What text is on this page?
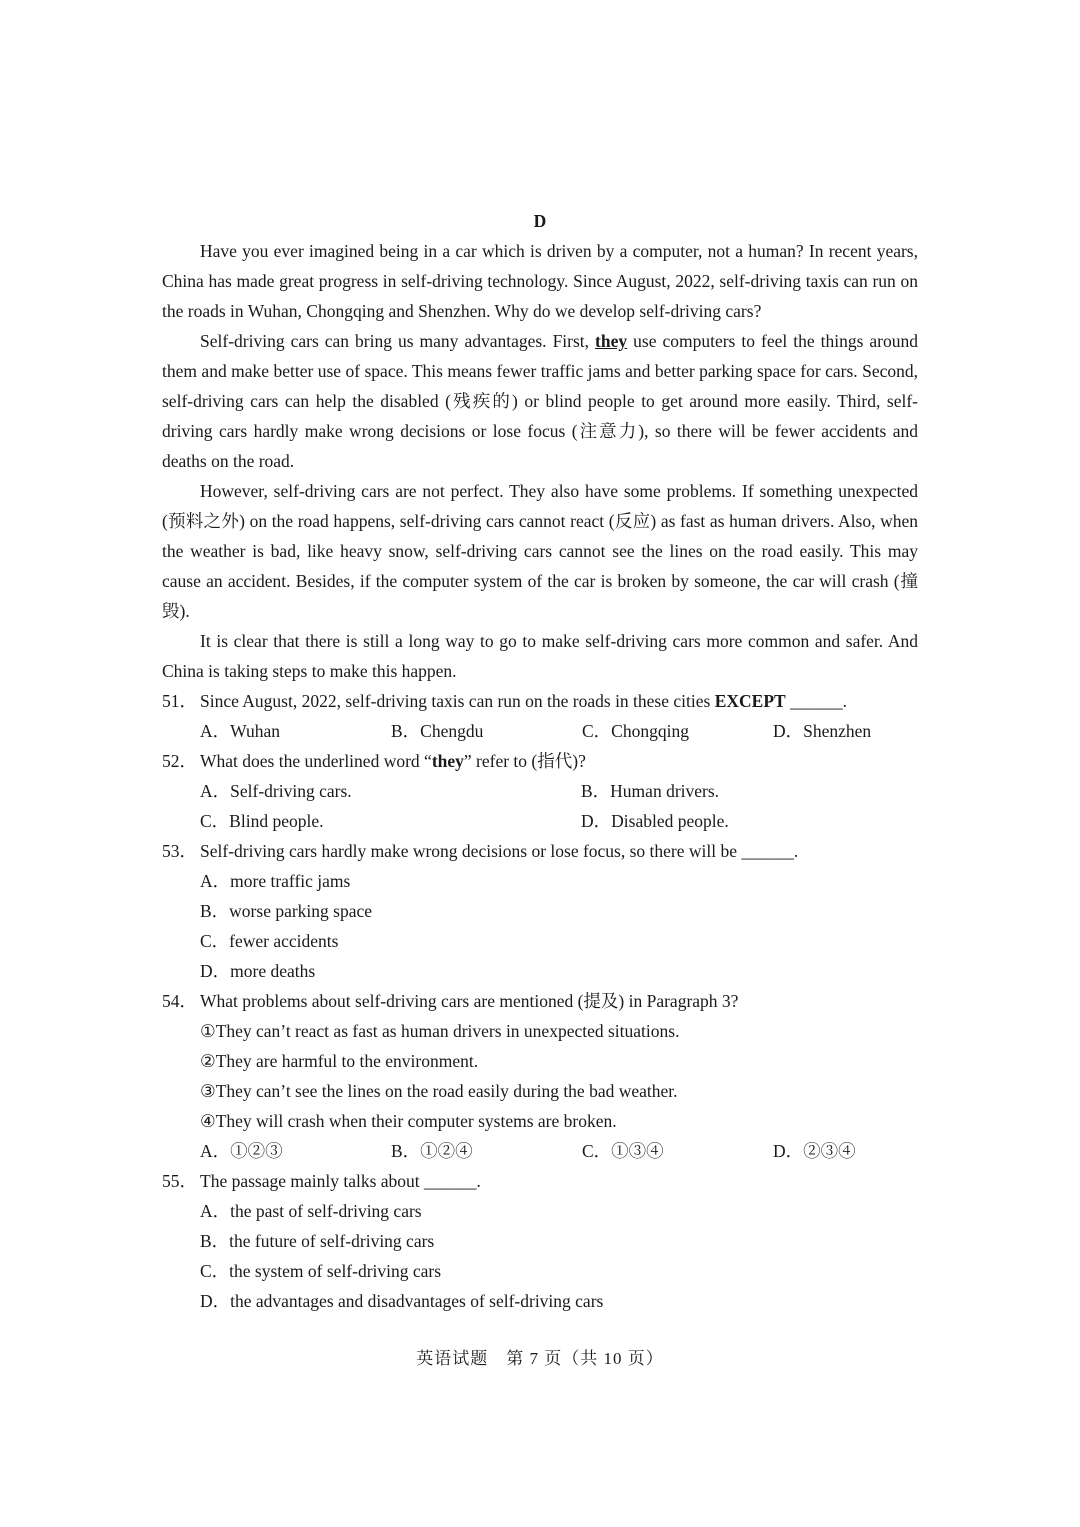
D

Have you ever imagined being in a car which is driven by a computer, not a human? In recent years, China has made great progress in self-driving technology. Since August, 2022, self-driving taxis can run on the roads in Wuhan, Chongqing and Shenzhen. Why do we develop self-driving cars?

Self-driving cars can bring us many advantages. First, they use computers to feel the things around them and make better use of space. This means fewer traffic jams and better parking space for cars. Second, self-driving cars can help the disabled (残疾的) or blind people to get around more easily. Third, self-driving cars hardly make wrong decisions or lose focus (注意力), so there will be fewer accidents and deaths on the road.

However, self-driving cars are not perfect. They also have some problems. If something unexpected (预料之外) on the road happens, self-driving cars cannot react (反应) as fast as human drivers. Also, when the weather is bad, like heavy snow, self-driving cars cannot see the lines on the road easily. This may cause an accident. Besides, if the computer system of the car is broken by someone, the car will crash (撞毁).

It is clear that there is still a long way to go to make self-driving cars more common and safer. And China is taking steps to make this happen.

51． Since August, 2022, self-driving taxis can run on the roads in these cities EXCEPT ______.
A．Wuhan	B．Chengdu	C．Chongqing	D．Shenzhen
52． What does the underlined word “they” refer to (指代)?
A．Self-driving cars.	B．Human drivers.
C．Blind people.	D．Disabled people.
53． Self-driving cars hardly make wrong decisions or lose focus, so there will be ______.
A．more traffic jams
B．worse parking space
C．fewer accidents
D．more deaths
54． What problems about self-driving cars are mentioned (提及) in Paragraph 3?
①They can’t react as fast as human drivers in unexpected situations.
②They are harmful to the environment.
③They can’t see the lines on the road easily during the bad weather.
④They will crash when their computer systems are broken.
A．①②③	B．①②④	C．①③④	D．②③④
55． The passage mainly talks about ______.
A．the past of self-driving cars
B．the future of self-driving cars
C．the system of self-driving cars
D．the advantages and disadvantages of self-driving cars
英语试题　第 7 页（共 10 页）
